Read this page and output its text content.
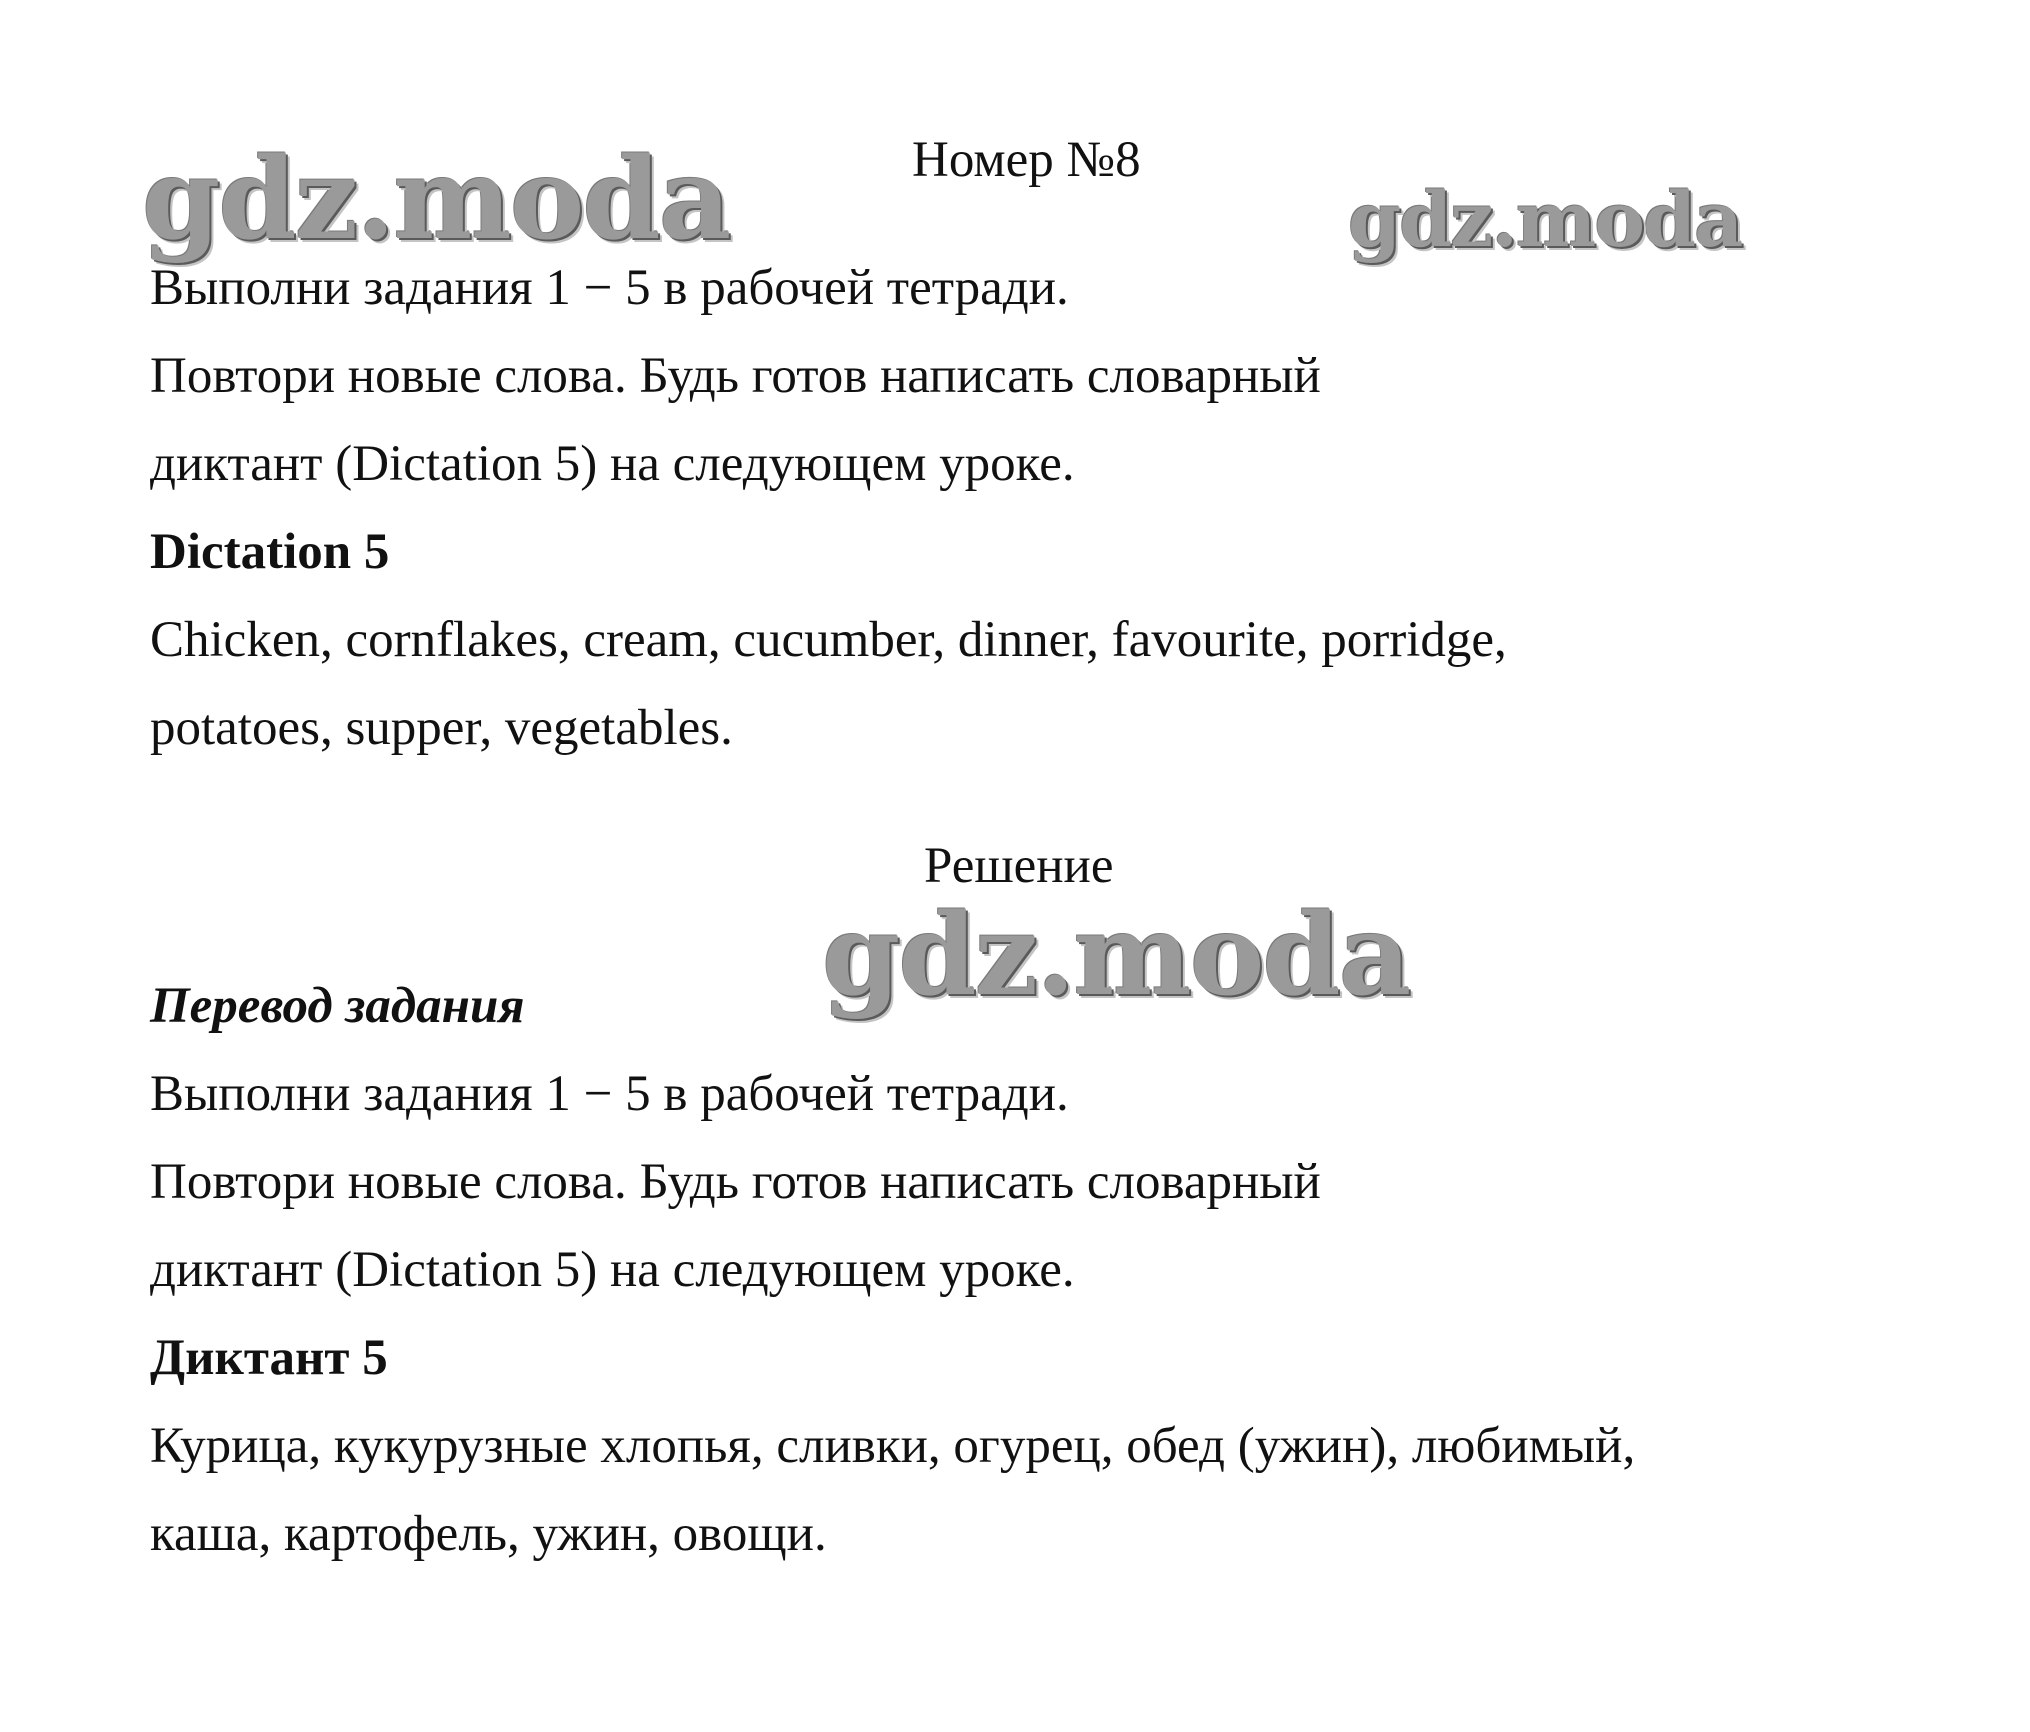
gdz.moda	gdz.moda
gdz.moda
Номер №8
Выполни задания 1 − 5 в рабочей тетради.
Повтори новые слова. Будь готов написать словарный
диктант (Dictation 5) на следующем уроке.
Dictation 5
Chicken, cornflakes, cream, cucumber, dinner, favourite, porridge,
potatoes, supper, vegetables.
Решение
Перевод задания
Выполни задания 1 − 5 в рабочей тетради.
Повтори новые слова. Будь готов написать словарный
диктант (Dictation 5) на следующем уроке.
Диктант 5
Курица, кукурузные хлопья, сливки, огурец, обед (ужин), любимый,
каша, картофель, ужин, овощи.
